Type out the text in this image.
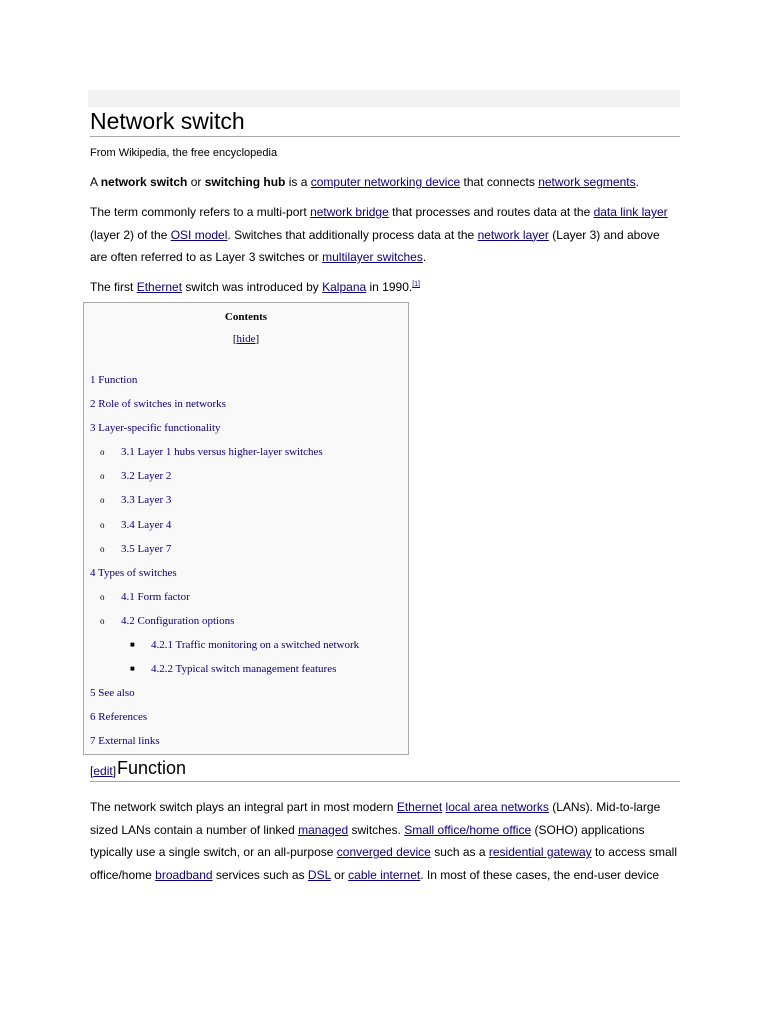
Network switch
From Wikipedia, the free encyclopedia

A network switch or switching hub is a computer networking device that connects network segments.

The term commonly refers to a multi-port network bridge that processes and routes data at the data link layer (layer 2) of the OSI model. Switches that additionally process data at the network layer (Layer 3) and above are often referred to as Layer 3 switches or multilayer switches.

The first Ethernet switch was introduced by Kalpana in 1990.[1]

Contents
[hide]
1 Function
2 Role of switches in networks
3 Layer-specific functionality
o 3.1 Layer 1 hubs versus higher-layer switches
o 3.2 Layer 2
o 3.3 Layer 3
o 3.4 Layer 4
o 3.5 Layer 7
4 Types of switches
o 4.1 Form factor
o 4.2 Configuration options
■ 4.2.1 Traffic monitoring on a switched network
■ 4.2.2 Typical switch management features
5 See also
6 References
7 External links
[edit] Function

The network switch plays an integral part in most modern Ethernet local area networks (LANs). Mid-to-large sized LANs contain a number of linked managed switches. Small office/home office (SOHO) applications typically use a single switch, or an all-purpose converged device such as a residential gateway to access small office/home broadband services such as DSL or cable internet. In most of these cases, the end-user device
